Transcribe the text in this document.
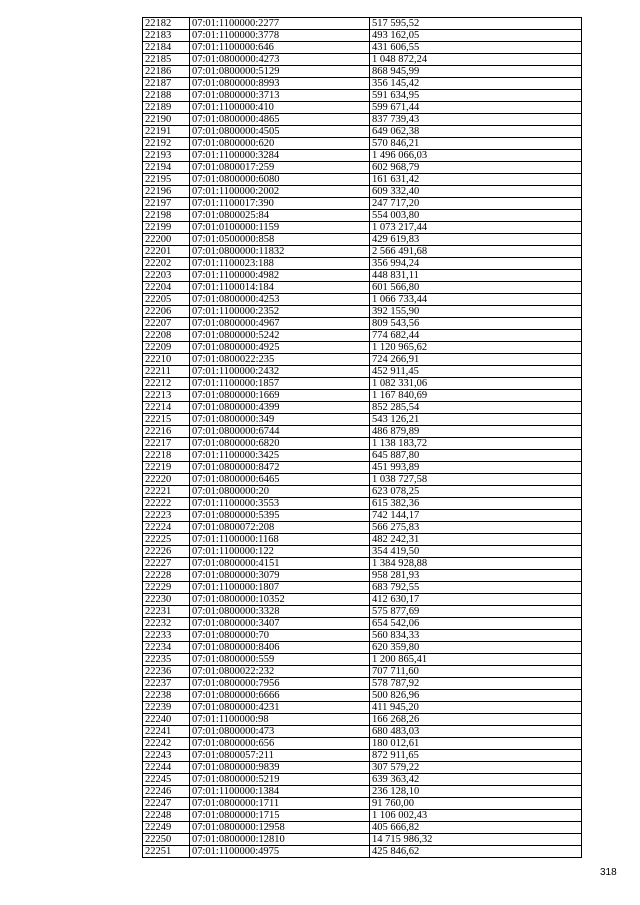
22182	07:01:1100000:2277	517 595,52
22183	07:01:1100000:3778	493 162,05
22184	07:01:1100000:646	431 606,55
22185	07:01:0800000:4273	1 048 872,24
22186	07:01:0800000:5129	868 945,99
22187	07:01:0800000:8993	356 145,42
22188	07:01:0800000:3713	591 634,95
22189	07:01:1100000:410	599 671,44
22190	07:01:0800000:4865	837 739,43
22191	07:01:0800000:4505	649 062,38
22192	07:01:0800000:620	570 846,21
22193	07:01:1100000:3284	1 496 066,03
22194	07:01:0800017:259	602 968,79
22195	07:01:0800000:6080	161 631,42
22196	07:01:1100000:2002	609 332,40
22197	07:01:1100017:390	247 717,20
22198	07:01:0800025:84	554 003,80
22199	07:01:0100000:1159	1 073 217,44
22200	07:01:0500000:858	429 619,83
22201	07:01:0800000:11832	2 566 491,68
22202	07:01:1100023:188	356 994,24
22203	07:01:1100000:4982	448 831,11
22204	07:01:1100014:184	601 566,80
22205	07:01:0800000:4253	1 066 733,44
22206	07:01:1100000:2352	392 155,90
22207	07:01:0800000:4967	809 543,56
22208	07:01:0800000:5242	774 682,44
22209	07:01:0800000:4925	1 120 965,62
22210	07:01:0800022:235	724 266,91
22211	07:01:1100000:2432	452 911,45
22212	07:01:1100000:1857	1 082 331,06
22213	07:01:0800000:1669	1 167 840,69
22214	07:01:0800000:4399	852 285,54
22215	07:01:0800000:349	543 126,21
22216	07:01:0800000:6744	486 879,89
22217	07:01:0800000:6820	1 138 183,72
22218	07:01:1100000:3425	645 887,80
22219	07:01:0800000:8472	451 993,89
22220	07:01:0800000:6465	1 038 727,58
22221	07:01:0800000:20	623 078,25
22222	07:01:1100000:3553	615 382,36
22223	07:01:0800000:5395	742 144,17
22224	07:01:0800072:208	566 275,83
22225	07:01:1100000:1168	482 242,31
22226	07:01:1100000:122	354 419,50
22227	07:01:0800000:4151	1 384 928,88
22228	07:01:0800000:3079	958 281,93
22229	07:01:1100000:1807	683 792,55
22230	07:01:0800000:10352	412 630,17
22231	07:01:0800000:3328	575 877,69
22232	07:01:0800000:3407	654 542,06
22233	07:01:0800000:70	560 834,33
22234	07:01:0800000:8406	620 359,80
22235	07:01:0800000:559	1 200 865,41
22236	07:01:0800022:232	707 711,60
22237	07:01:0800000:7956	578 787,92
22238	07:01:0800000:6666	500 826,96
22239	07:01:0800000:4231	411 945,20
22240	07:01:1100000:98	166 268,26
22241	07:01:0800000:473	680 483,03
22242	07:01:0800000:656	180 012,61
22243	07:01:0800057:211	872 911,65
22244	07:01:0800000:9839	307 579,22
22245	07:01:0800000:5219	639 363,42
22246	07:01:1100000:1384	236 128,10
22247	07:01:0800000:1711	91 760,00
22248	07:01:0800000:1715	1 106 002,43
22249	07:01:0800000:12958	405 666,82
22250	07:01:0800000:12810	14 715 986,32
22251	07:01:1100000:4975	425 846,62
318
